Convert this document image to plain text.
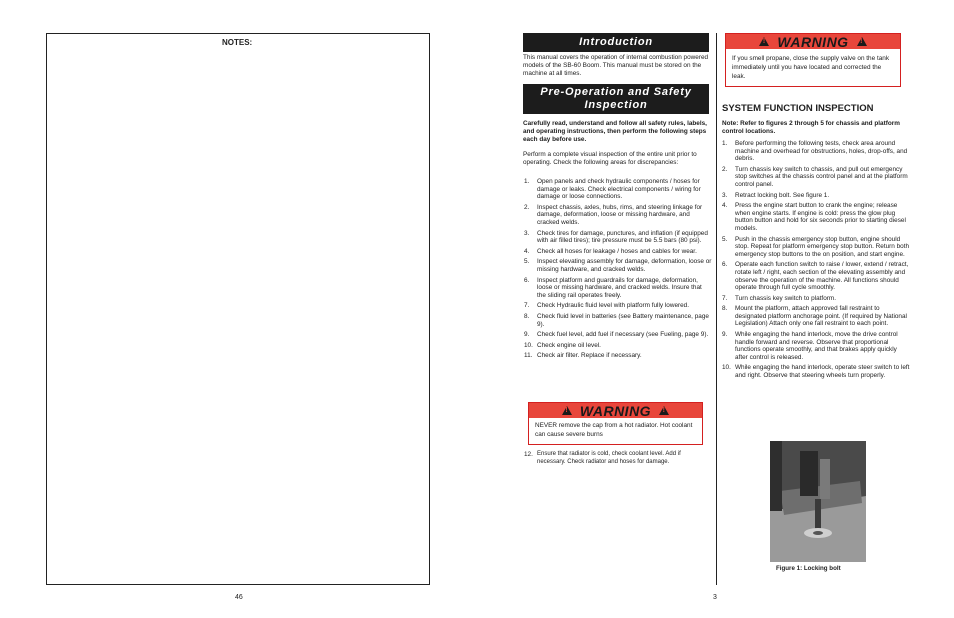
NOTES:
46
Introduction

This manual covers the operation of internal combustion powered models of the SB-60 Boom. This manual must be stored on the machine at all times.

Pre-Operation and Safety
Inspection

Carefully read, understand and follow all safety rules, labels, and operating instructions, then perform the following steps each day before use.

Perform a complete visual inspection of the entire unit prior to operating. Check the following areas for discrepancies:

1. Open panels and check hydraulic components / hoses for damage or leaks. Check electrical components / wiring for damage or loose connections.
2. Inspect chassis, axles, hubs, rims, and steering linkage for damage, deformation, loose or missing hardware, and cracked welds.
3. Check tires for damage, punctures, and inflation (if equipped with air filled tires); tire pressure must be 5.5 bars (80 psi).
4. Check all hoses for leakage / hoses and cables for wear.
5. Inspect elevating assembly for damage, deformation, loose or missing hardware, and cracked welds.
6. Inspect platform and guardrails for damage, deformation, loose or missing hardware, and cracked welds. Insure that the sliding rail operates freely.
7. Check Hydraulic fluid level with platform fully lowered.
8. Check fluid level in batteries (see Battery maintenance, page 9).
9. Check fuel level, add fuel if necessary (see Fueling, page 9).
10. Check engine oil level.
11. Check air filter. Replace if necessary.
!
WARNING
!
NEVER remove the cap from a hot radiator. Hot coolant can cause severe burns
12. Ensure that radiator is cold, check coolant level. Add if necessary. Check radiator and hoses for damage.
3
!
WARNING
!
If you smell propane, close the supply valve on the tank immediately until you have located and corrected the leak.
SYSTEM FUNCTION INSPECTION

Note: Refer to figures 2 through 5 for chassis and platform control locations.

1. Before performing the following tests, check area around machine and overhead for obstructions, holes, drop-offs, and debris.
2. Turn chassis key switch to chassis, and pull out emergency stop switches at the chassis control panel and at the platform control panel.
3. Retract locking bolt. See figure 1.
4. Press the engine start button to crank the engine; release when engine starts. If engine is cold: press the glow plug button button and hold for six seconds prior to starting diesel models.
5. Push in the chassis emergency stop button, engine should stop. Repeat for platform emergency stop button. Return both emergency stop buttons to the on position, and start engine.
6. Operate each function switch to raise / lower, extend / retract, rotate left / right, each section of the elevating assembly and observe the operation of the machine. All functions should operate through full cycle smoothly.
7. Turn chassis key switch to platform.
8. Mount the platform, attach approved fall restraint to designated platform anchorage point. (If required by National Legislation) Attach only one fall restraint to each point.
9. While engaging the hand interlock, move the drive control handle forward and reverse. Observe that proportional functions operate smoothly, and that brakes apply quickly after control is released.
10. While engaging the hand interlock, operate steer switch to left and right. Observe that steering wheels turn properly.
Figure 1: Locking bolt
